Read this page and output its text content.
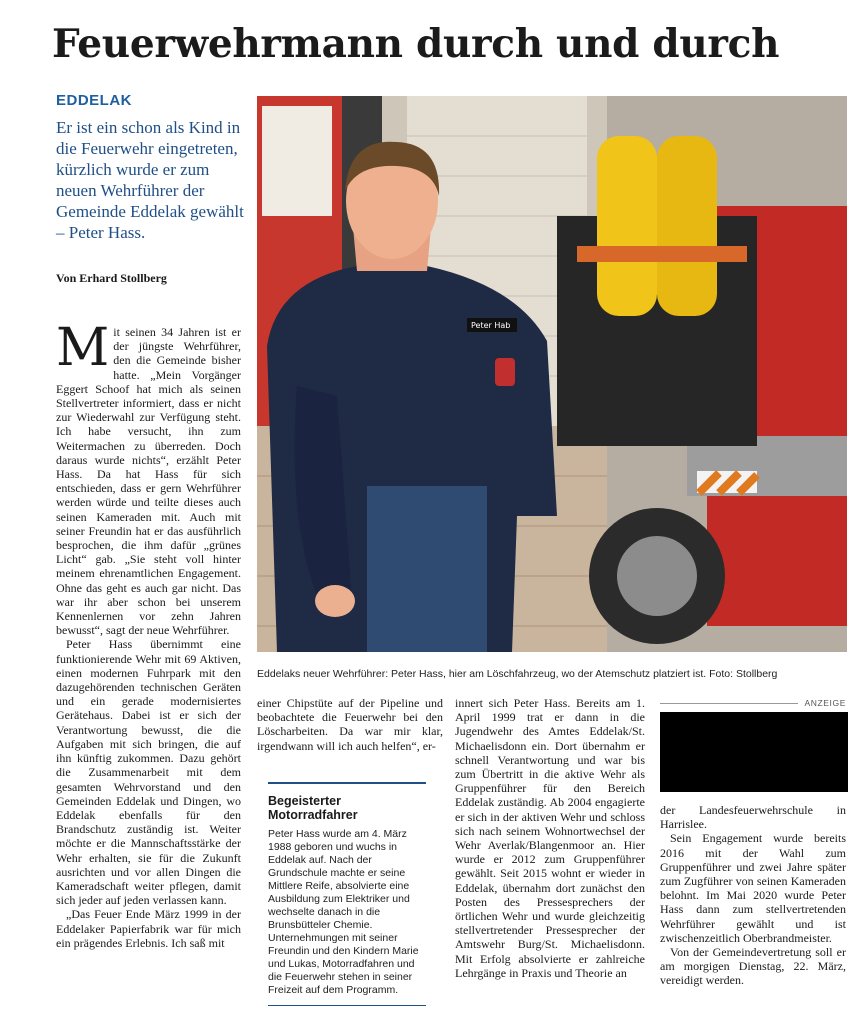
Feuerwehrmann durch und durch
EDDELAK
Er ist ein schon als Kind in die Feuerwehr eingetreten, kürzlich wurde er zum neuen Wehrführer der Gemeinde Eddelak gewählt – Peter Hass.
Von Erhard Stollberg

Mit seinen 34 Jahren ist er der jüngste Wehrführer, den die Gemeinde bisher hatte. „Mein Vorgänger Eggert Schoof hat mich als seinen Stellvertreter informiert, dass er nicht zur Wiederwahl zur Verfügung steht. Ich habe versucht, ihn zum Weitermachen zu überreden. Doch daraus wurde nichts“, erzählt Peter Hass. Da hat Hass für sich entschieden, dass er gern Wehrführer werden würde und teilte dieses auch seinen Kameraden mit. Auch mit seiner Freundin hat er das ausführlich besprochen, die ihm dafür „grünes Licht“ gab. „Sie steht voll hinter meinem ehrenamtlichen Engagement. Ohne das geht es auch gar nicht. Das war ihr aber schon bei unserem Kennenlernen vor zehn Jahren bewusst“, sagt der neue Wehrführer.

Peter Hass übernimmt eine funktionierende Wehr mit 69 Aktiven, einen modernen Fuhrpark mit den dazugehörenden technischen Geräten und ein gerade modernisiertes Gerätehaus. Dabei ist er sich der Verantwortung bewusst, die die Aufgaben mit sich bringen, die auf ihn künftig zukommen. Dazu gehört die Zusammenarbeit mit dem gesamten Wehrvorstand und den Gemeinden Eddelak und Dingen, wo Eddelak ebenfalls für den Brandschutz zuständig ist. Weiter möchte er die Mannschaftsstärke der Wehr erhalten, sie für die Zukunft ausrichten und vor allen Dingen die Kameradschaft weiter pflegen, damit sich jeder auf jeden verlassen kann.

„Das Feuer Ende März 1999 in der Eddelaker Papierfabrik war für mich ein prägendes Erlebnis. Ich saß mit

Peter Hab
Eddelaks neuer Wehrführer: Peter Hass, hier am Löschfahrzeug, wo der Atemschutz platziert ist. Foto: Stollberg

einer Chipstüte auf der Pipeline und beobachtete die Feuerwehr bei den Löscharbeiten. Da war mir klar, irgendwann will ich auch helfen“, er-

Begeisterter Motorradfahrer
Peter Hass wurde am 4. März 1988 geboren und wuchs in Eddelak auf. Nach der Grundschule machte er seine Mittlere Reife, absolvierte eine Ausbildung zum Elektriker und wechselte danach in die Brunsbütteler Chemie. Unternehmungen mit seiner Freundin und den Kindern Marie und Lukas, Motorradfahren und die Feuerwehr stehen in seiner Freizeit auf dem Programm.

innert sich Peter Hass. Bereits am 1. April 1999 trat er dann in die Jugendwehr des Amtes Eddelak/St. Michaelisdonn ein. Dort übernahm er schnell Verantwortung und war bis zum Übertritt in die aktive Wehr als Gruppenführer für den Bereich Eddelak zuständig. Ab 2004 engagierte er sich in der aktiven Wehr und schloss sich nach seinem Wohnortwechsel der Wehr Averlak/Blangenmoor an. Hier wurde er 2012 zum Gruppenführer gewählt. Seit 2015 wohnt er wieder in Eddelak, übernahm dort zunächst den Posten des Pressesprechers der örtlichen Wehr und wurde gleichzeitig stellvertretender Pressesprecher der Amtswehr Burg/St. Michaelisdonn. Mit Erfolg absolvierte er zahlreiche Lehrgänge in Praxis und Theorie an

ANZEIGE

der Landesfeuerwehrschule in Harrislee.

Sein Engagement wurde bereits 2016 mit der Wahl zum Gruppenführer und zwei Jahre später zum Zugführer von seinen Kameraden belohnt. Im Mai 2020 wurde Peter Hass dann zum stellvertretenden Wehrführer gewählt und ist zwischenzeitlich Oberbrandmeister.

Von der Gemeindevertretung soll er am morgigen Dienstag, 22. März, vereidigt werden.
